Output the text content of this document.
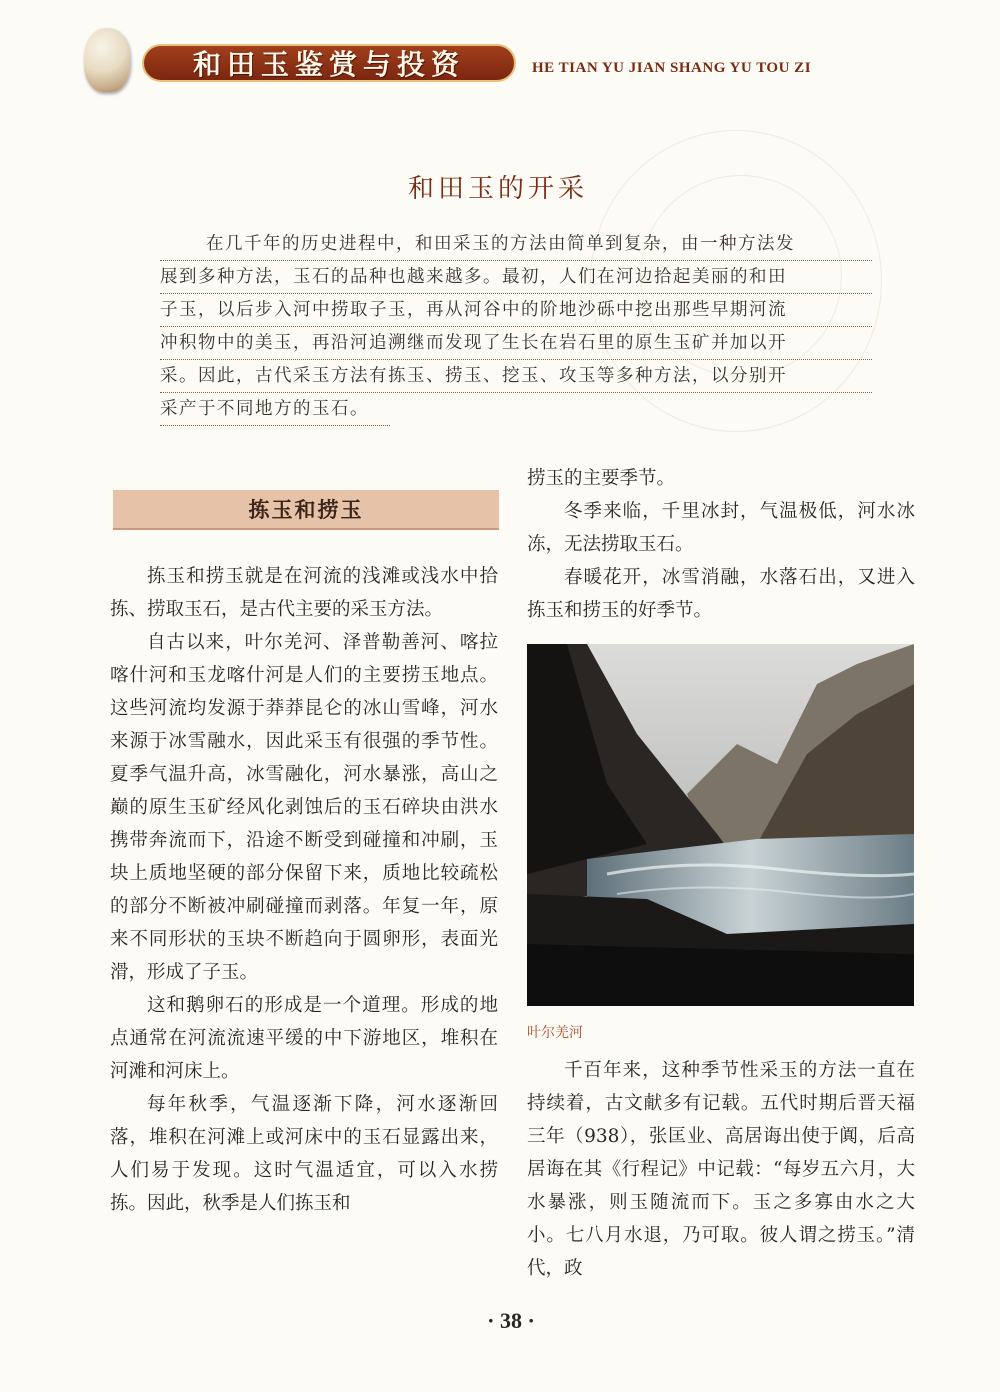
和田玉鉴赏与投资	HE TIAN YU JIAN SHANG YU TOU ZI
和田玉的开采
在几千年的历史进程中，和田采玉的方法由简单到复杂，由一种方法发
展到多种方法，玉石的品种也越来越多。最初，人们在河边拾起美丽的和田
子玉，以后步入河中捞取子玉，再从河谷中的阶地沙砾中挖出那些早期河流
冲积物中的美玉，再沿河追溯继而发现了生长在岩石里的原生玉矿并加以开
采。因此，古代采玉方法有拣玉、捞玉、挖玉、攻玉等多种方法，以分别开
采产于不同地方的玉石。
拣玉和捞玉

拣玉和捞玉就是在河流的浅滩或浅水中拾拣、捞取玉石，是古代主要的采玉方法。

自古以来，叶尔羌河、泽普勒善河、喀拉喀什河和玉龙喀什河是人们的主要捞玉地点。这些河流均发源于莽莽昆仑的冰山雪峰，河水来源于冰雪融水，因此采玉有很强的季节性。夏季气温升高，冰雪融化，河水暴涨，高山之巅的原生玉矿经风化剥蚀后的玉石碎块由洪水携带奔流而下，沿途不断受到碰撞和冲刷，玉块上质地坚硬的部分保留下来，质地比较疏松的部分不断被冲刷碰撞而剥落。年复一年，原来不同形状的玉块不断趋向于圆卵形，表面光滑，形成了子玉。

这和鹅卵石的形成是一个道理。形成的地点通常在河流流速平缓的中下游地区，堆积在河滩和河床上。

每年秋季，气温逐渐下降，河水逐渐回落，堆积在河滩上或河床中的玉石显露出来，人们易于发现。这时气温适宜，可以入水捞拣。因此，秋季是人们拣玉和

捞玉的主要季节。

冬季来临，千里冰封，气温极低，河水冰冻，无法捞取玉石。

春暖花开，冰雪消融，水落石出，又进入拣玉和捞玉的好季节。

叶尔羌河

千百年来，这种季节性采玉的方法一直在持续着，古文献多有记载。五代时期后晋天福三年（938），张匡业、高居诲出使于阗，后高居诲在其《行程记》中记载：“每岁五六月，大水暴涨，则玉随流而下。玉之多寡由水之大小。七八月水退，乃可取。彼人谓之捞玉。”清代，政

· 38 ·
